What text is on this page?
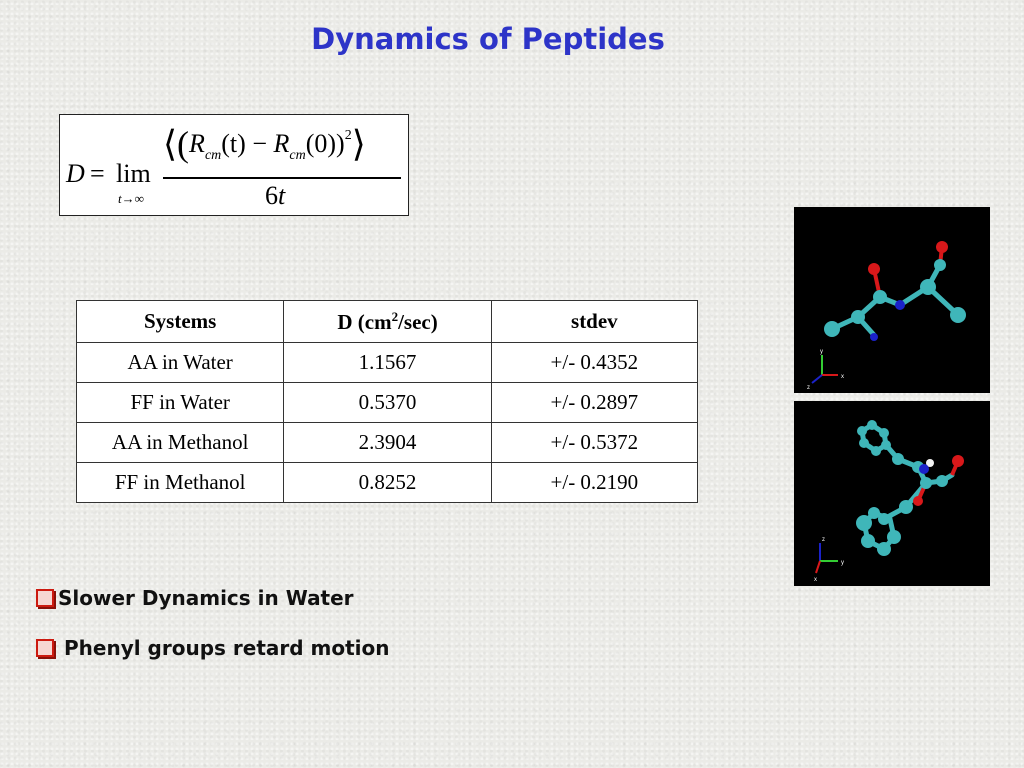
Dynamics of Peptides
D = lim
t→∞
$⟨(R_{cm}(t)$ − $R_{cm}(0))^2⟩$
6t
Systems	D $(cm^2/\sec)$	stdev
AA in Water	1.1567	+/- 0.4352
FF in Water	0.5370	+/- 0.2897
AA in Methanol	2.3904	+/- 0.5372
FF in Methanol	0.8252	+/- 0.2190
y
x
z
z
y
x
Slower Dynamics in Water
Phenyl groups retard motion
